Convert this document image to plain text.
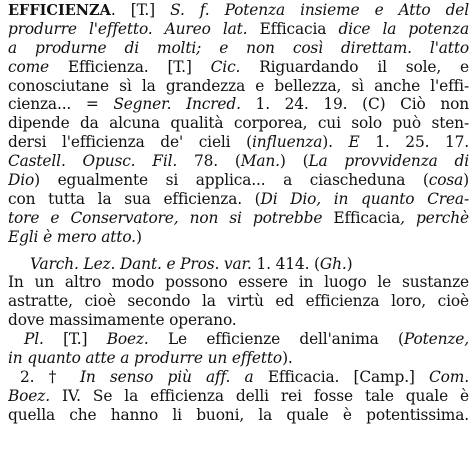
EFFICIENZA. [T.] S. f. Potenza insieme e Atto del
produrre l'effetto. Aureo lat. Efficacia dice la potenza
a produrne di molti; e non così direttam. l'atto
come Efficienza. [T.] Cic. Riguardando il sole, e
conosciutane sì la grandezza e bellezza, sì anche l'effi-
cienza... = Segner. Incred. 1. 24. 19. (C) Ciò non
dipende da alcuna qualità corporea, cui solo può sten-
dersi l'efficienza de' cieli (influenza). E 1. 25. 17.
Castell. Opusc. Fil. 78. (Man.) (La provvidenza di
Dio) egualmente si applica... a ciascheduna (cosa)
con tutta la sua efficienza. (Di Dio, in quanto Crea-
tore e Conservatore, non si potrebbe Efficacia, perchè
Egli è mero atto.)
Varch. Lez. Dant. e Pros. var. 1. 414. (Gh.)
In un altro modo possono essere in luogo le sustanze
astratte, cioè secondo la virtù ed efficienza loro, cioè
dove massimamente operano.
Pl. [T.] Boez. Le efficienze dell'anima (Potenze,
in quanto atte a produrre un effetto).
2. † In senso più aff. a Efficacia. [Camp.] Com.
Boez. IV. Se la efficienza delli rei fosse tale quale è
quella che hanno li buoni, la quale è potentissima.
